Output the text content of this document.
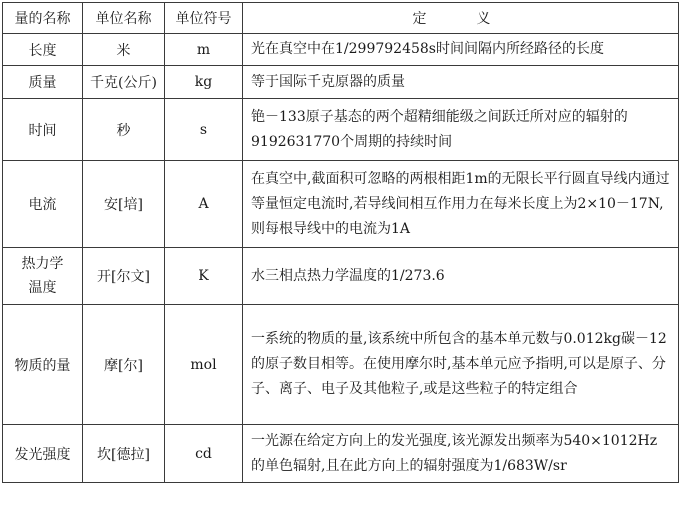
量的名称	单位名称	单位符号	定　义
长度	米	m	光在真空中在1/299792458s时间间隔内所经路径的长度
质量	千克(公斤)	kg	等于国际千克原器的质量
时间	秒	s	铯－133原子基态的两个超精细能级之间跃迁所对应的辐射的9192631770个周期的持续时间
电流	安[培]	A	在真空中,截面积可忽略的两根相距1m的无限长平行圆直导线内通过等量恒定电流时,若导线间相互作用力在每米长度上为2×10－17N,则每根导线中的电流为1A
热力学温度	开[尔文]	K	水三相点热力学温度的1/273.6
物质的量	摩[尔]	mol	一系统的物质的量,该系统中所包含的基本单元数与0.012kg碳－12的原子数目相等。在使用摩尔时,基本单元应予指明,可以是原子、分子、离子、电子及其他粒子,或是这些粒子的特定组合
发光强度	坎[德拉]	cd	一光源在给定方向上的发光强度,该光源发出频率为540×1012Hz的单色辐射,且在此方向上的辐射强度为1/683W/sr
